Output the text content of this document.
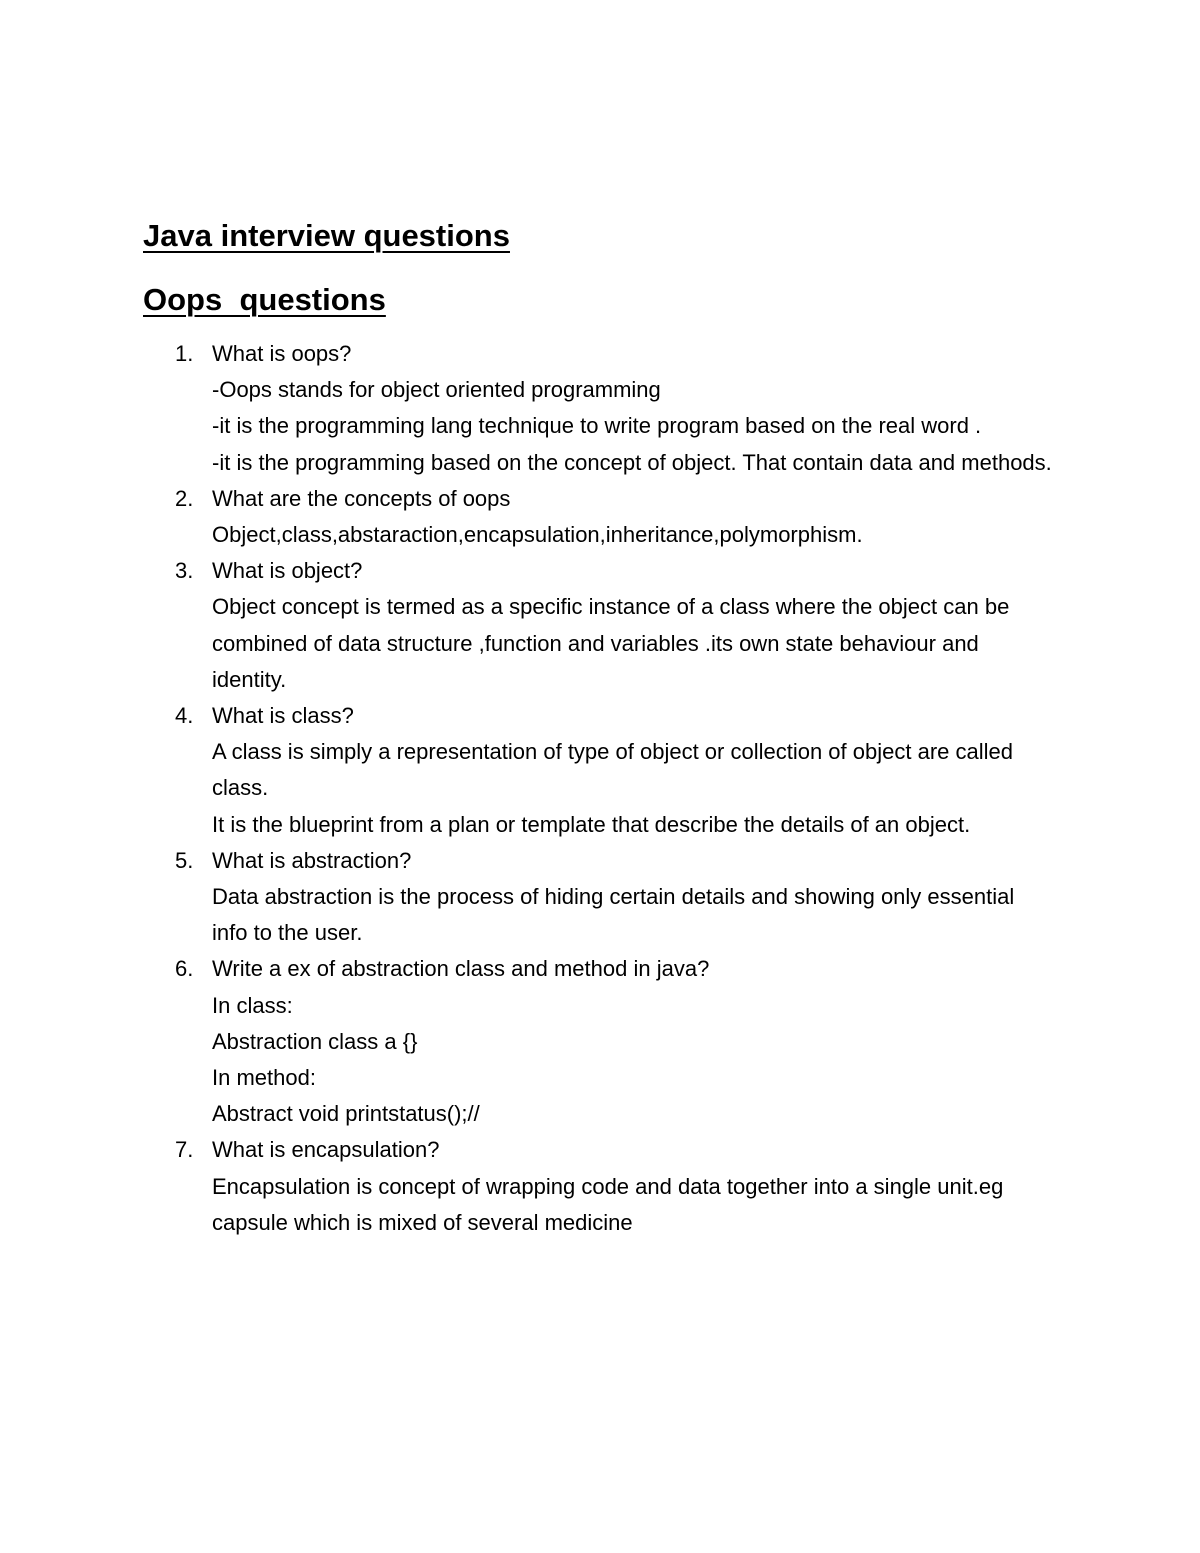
Java interview questions
Oops  questions
1. What is oops?
-Oops stands for object oriented programming
-it is the programming lang technique to write program based on the real word .
-it is the programming based on the concept of object. That contain data and methods.
2. What are the concepts of oops
Object,class,abstaraction,encapsulation,inheritance,polymorphism.
3. What is object?
Object concept is termed as a specific instance of a class where the object can be combined of data structure ,function and variables .its own state behaviour and identity.
4. What is class?
A class is simply a representation of type of object or collection of object are called class.
It is the blueprint from a plan or template that describe the details of an object.
5. What is abstraction?
Data abstraction is the process of hiding certain details and showing only essential info to the user.
6. Write a ex of abstraction class and method in java?
In class:
Abstraction class a {}
In method:
Abstract void printstatus();//
7. What is encapsulation?
Encapsulation is concept of wrapping code and data together into a single unit.eg capsule which is mixed of several medicine
